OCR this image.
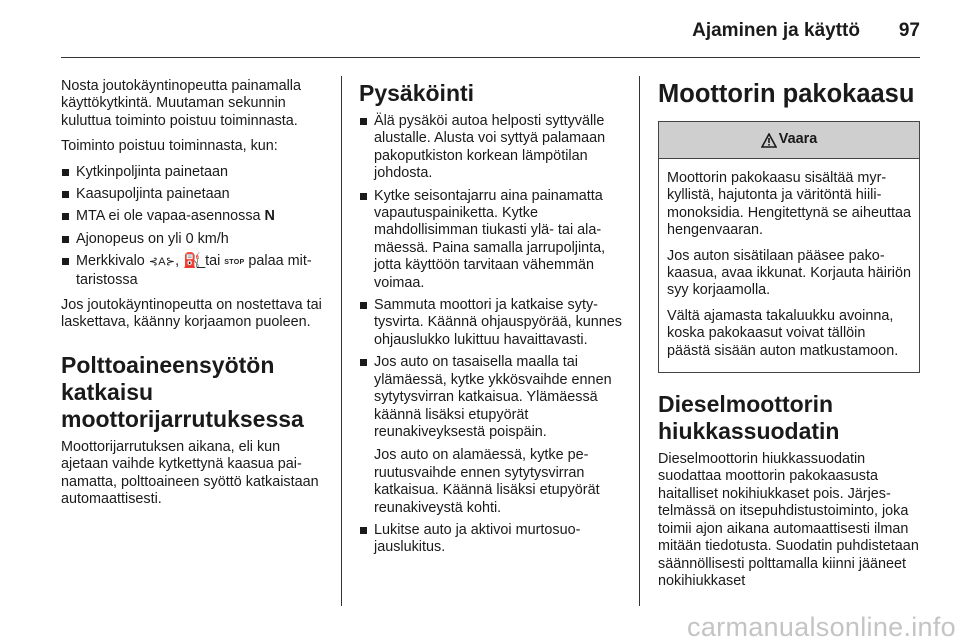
Ajaminen ja käyttö	97

Nosta joutokäyntinopeutta painamalla käyttökytkintä. Muutaman sekunnin kuluttua toiminto poistuu toiminnasta.

Toiminto poistuu toiminnasta, kun:

Kytkinpoljinta painetaan
Kaasupoljinta painetaan
MTA ei ole vapaa-asennossa N
Ajonopeus on yli 0 km/h
Merkkivalo ⊰A⊱, ⛽̲ tai STOP palaa mittaristossa

Jos joutokäyntinopeutta on nostettava tai laskettava, käänny korjaamon puoleen.

Polttoaineensyötön katkaisu moottorijarrutuksessa

Moottorijarrutuksen aikana, eli kun ajetaan vaihde kytkettynä kaasua painamatta, polttoaineen syöttö katkaistaan automaattisesti.

Pysäköinti
Älä pysäköi autoa helposti syttyvälle alustalle. Alusta voi syttyä palamaan pakoputkiston korkean lämpötilan johdosta.
Kytke seisontajarru aina painamatta vapautuspainiketta. Kytke mahdollisimman tiukasti ylä- tai alamäessä. Paina samalla jarrupoljinta, jotta käyttöön tarvitaan vähemmän voimaa.
Sammuta moottori ja katkaise sytytysvirta. Käännä ohjauspyörää, kunnes ohjauslukko lukittuu havaittavasti.
Jos auto on tasaisella maalla tai ylämäessä, kytke ykkösvaihde ennen sytytysvirran katkaisua. Ylämäessä käännä lisäksi etupyörät reunakiveyksestä poispäin.
Jos auto on alamäessä, kytke peruutusvaihde ennen sytytysvirran katkaisua. Käännä lisäksi etupyörät reunakiveystä kohti.
Lukitse auto ja aktivoi murtosuojauslukitus.
Moottorin pakokaasu
Vaara

Moottorin pakokaasu sisältää myrkyllistä, hajutonta ja väritöntä hiilimonoksidia. Hengitettynä se aiheuttaa hengenvaaran.

Jos auton sisätilaan pääsee pakokaasua, avaa ikkunat. Korjauta häiriön syy korjaamolla.

Vältä ajamasta takaluukku avoinna, koska pakokaasut voivat tällöin päästä sisään auton matkustamoon.

Dieselmoottorin hiukkassuodatin

Dieselmoottorin hiukkassuodatin suodattaa moottorin pakokaasusta haitalliset nokihiukkaset pois. Järjestelmässä on itsepuhdistustoiminto, joka toimii ajon aikana automaattisesti ilman mitään tiedotusta. Suodatin puhdistetaan säännöllisesti polttamalla kiinni jääneet nokihiukkaset

carmanualsonline.info
